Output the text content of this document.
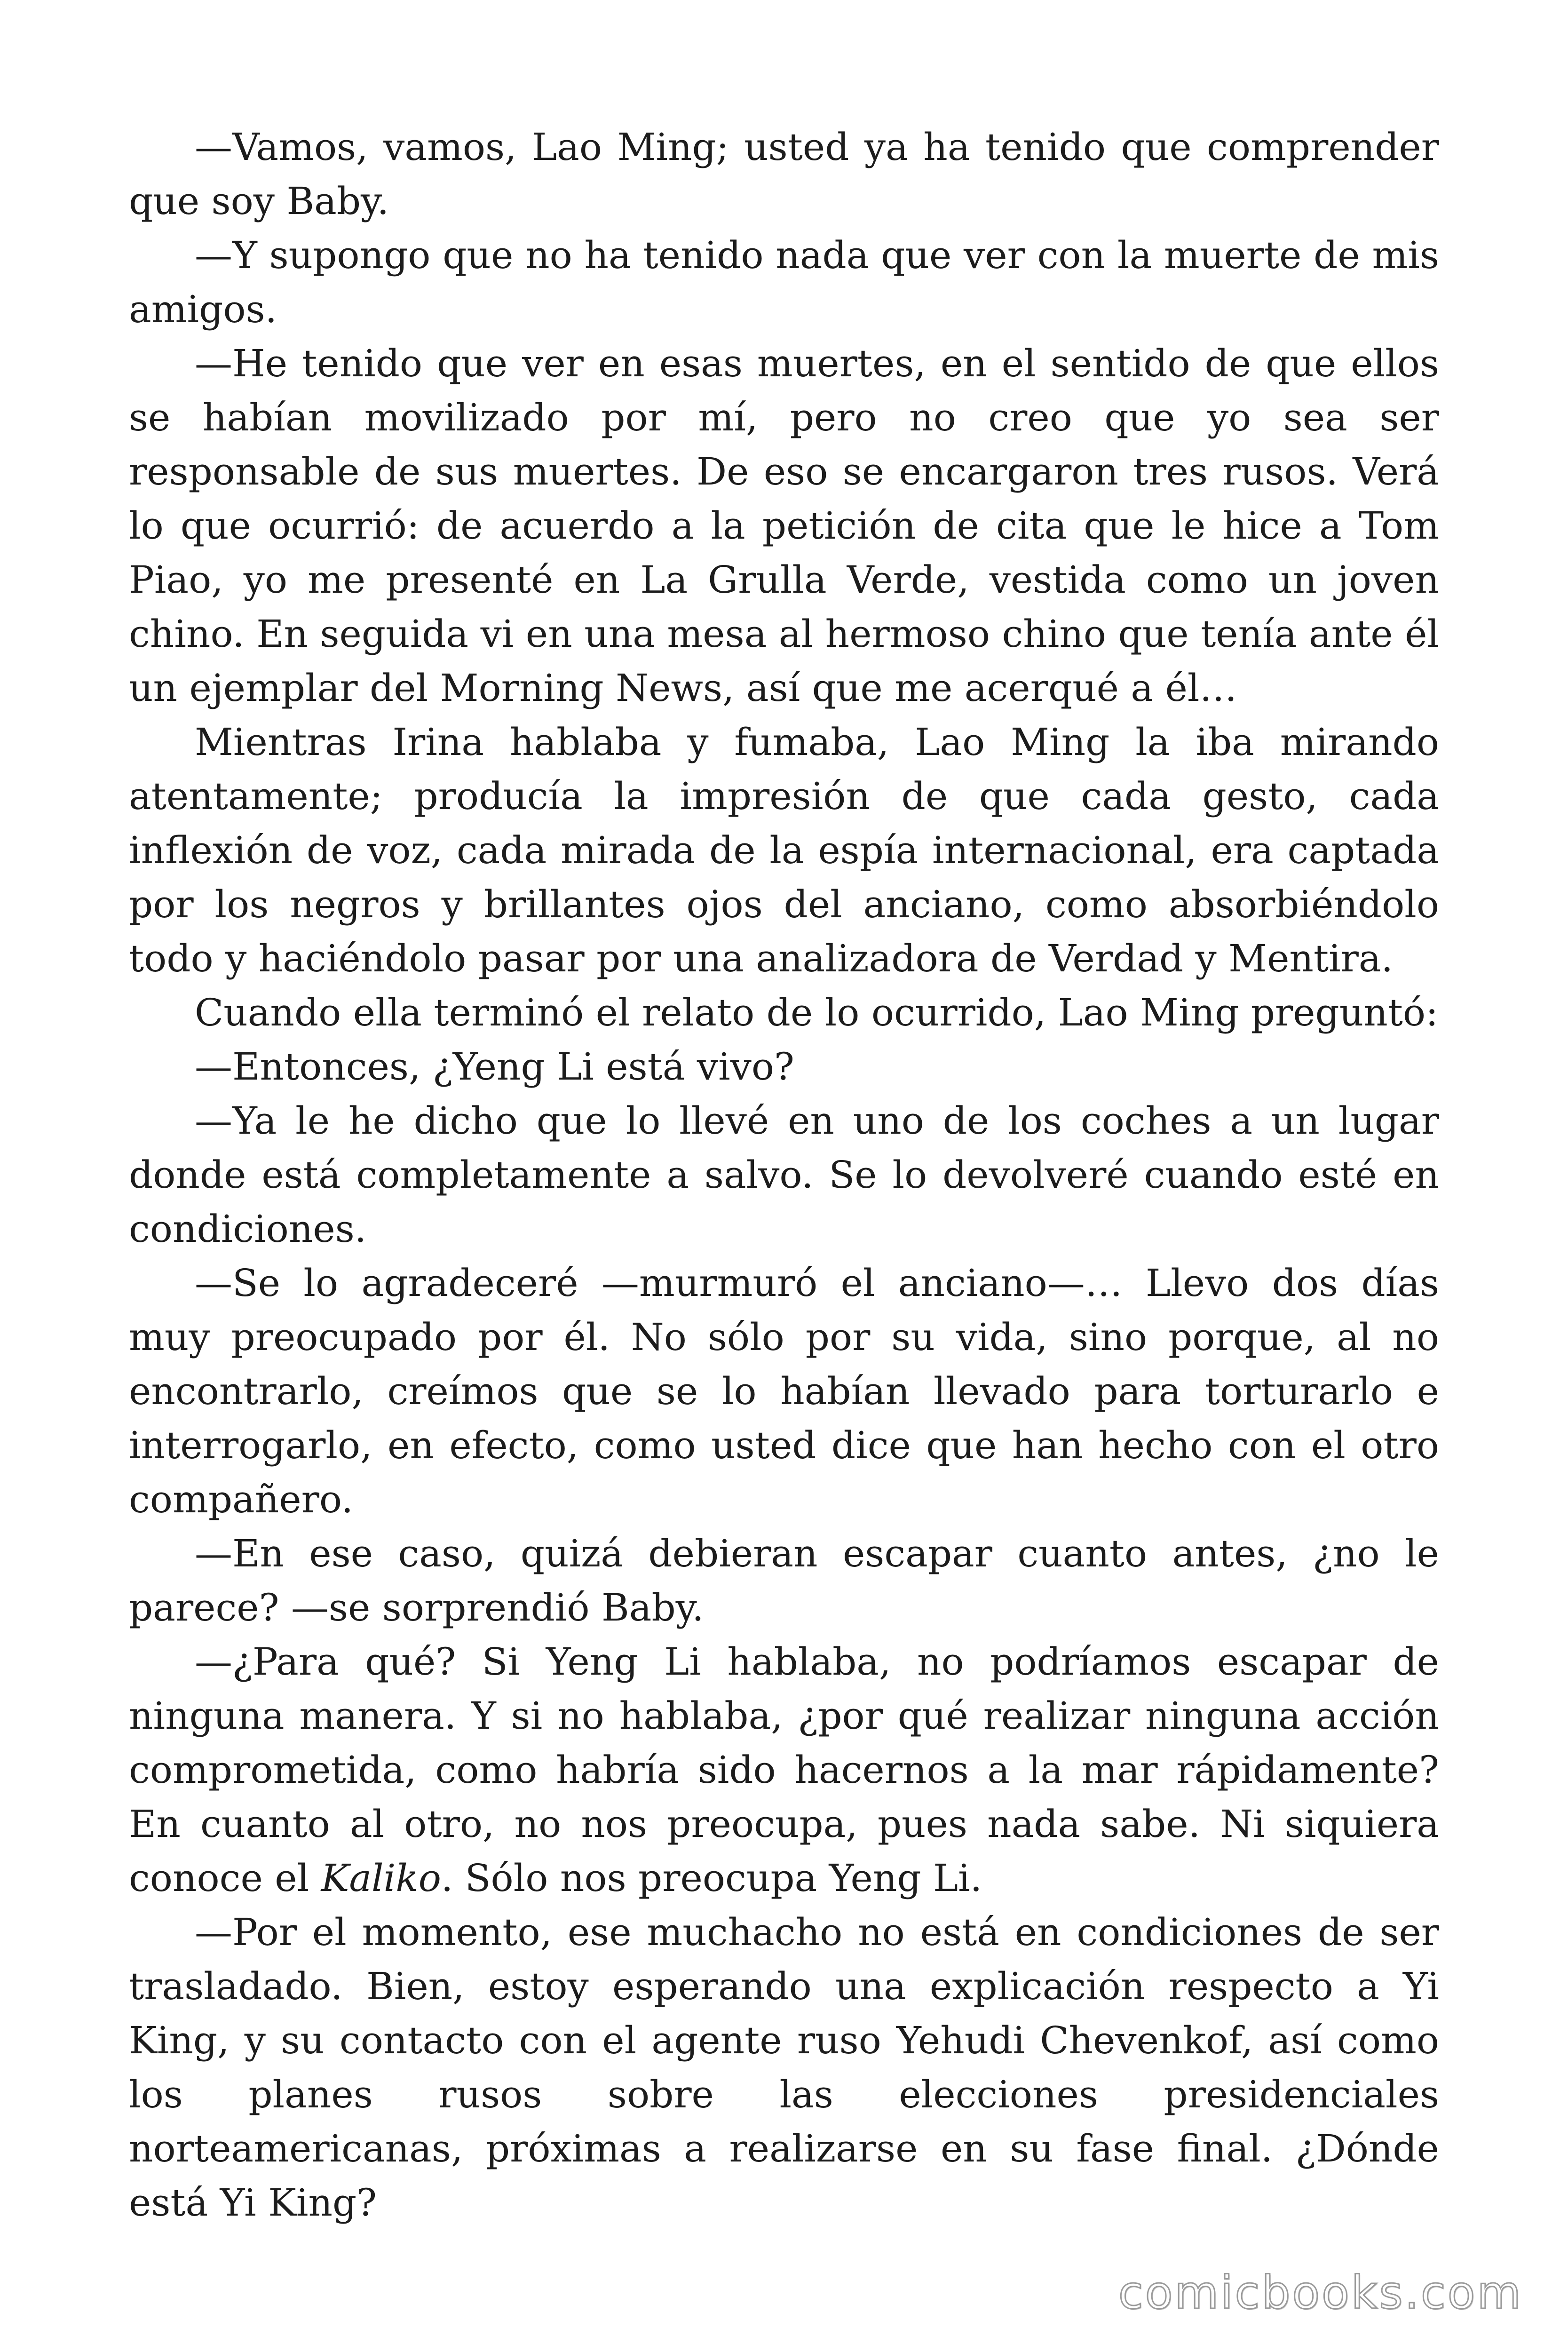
—Vamos, vamos, Lao Ming; usted ya ha tenido que comprender que soy Baby.

—Y supongo que no ha tenido nada que ver con la muerte de mis amigos.

—He tenido que ver en esas muertes, en el sentido de que ellos se habían movilizado por mí, pero no creo que yo sea ser responsable de sus muertes. De eso se encargaron tres rusos. Verá lo que ocurrió: de acuerdo a la petición de cita que le hice a Tom Piao, yo me presenté en La Grulla Verde, vestida como un joven chino. En seguida vi en una mesa al hermoso chino que tenía ante él un ejemplar del Morning News, así que me acerqué a él…

Mientras Irina hablaba y fumaba, Lao Ming la iba mirando atentamente; producía la impresión de que cada gesto, cada inflexión de voz, cada mirada de la espía internacional, era captada por los negros y brillantes ojos del anciano, como absorbiéndolo todo y haciéndolo pasar por una analizadora de Verdad y Mentira.

Cuando ella terminó el relato de lo ocurrido, Lao Ming preguntó:

—Entonces, ¿Yeng Li está vivo?

—Ya le he dicho que lo llevé en uno de los coches a un lugar donde está completamente a salvo. Se lo devolveré cuando esté en condiciones.

—Se lo agradeceré —murmuró el anciano—… Llevo dos días muy preocupado por él. No sólo por su vida, sino porque, al no encontrarlo, creímos que se lo habían llevado para torturarlo e interrogarlo, en efecto, como usted dice que han hecho con el otro compañero.

—En ese caso, quizá debieran escapar cuanto antes, ¿no le parece? —se sorprendió Baby.

—¿Para qué? Si Yeng Li hablaba, no podríamos escapar de ninguna manera. Y si no hablaba, ¿por qué realizar ninguna acción comprometida, como habría sido hacernos a la mar rápidamente? En cuanto al otro, no nos preocupa, pues nada sabe. Ni siquiera conoce el Kaliko. Sólo nos preocupa Yeng Li.

—Por el momento, ese muchacho no está en condiciones de ser trasladado. Bien, estoy esperando una explicación respecto a Yi King, y su contacto con el agente ruso Yehudi Chevenkof, así como los planes rusos sobre las elecciones presidenciales norteamericanas, próximas a realizarse en su fase final. ¿Dónde está Yi King?

comicbooks.com
